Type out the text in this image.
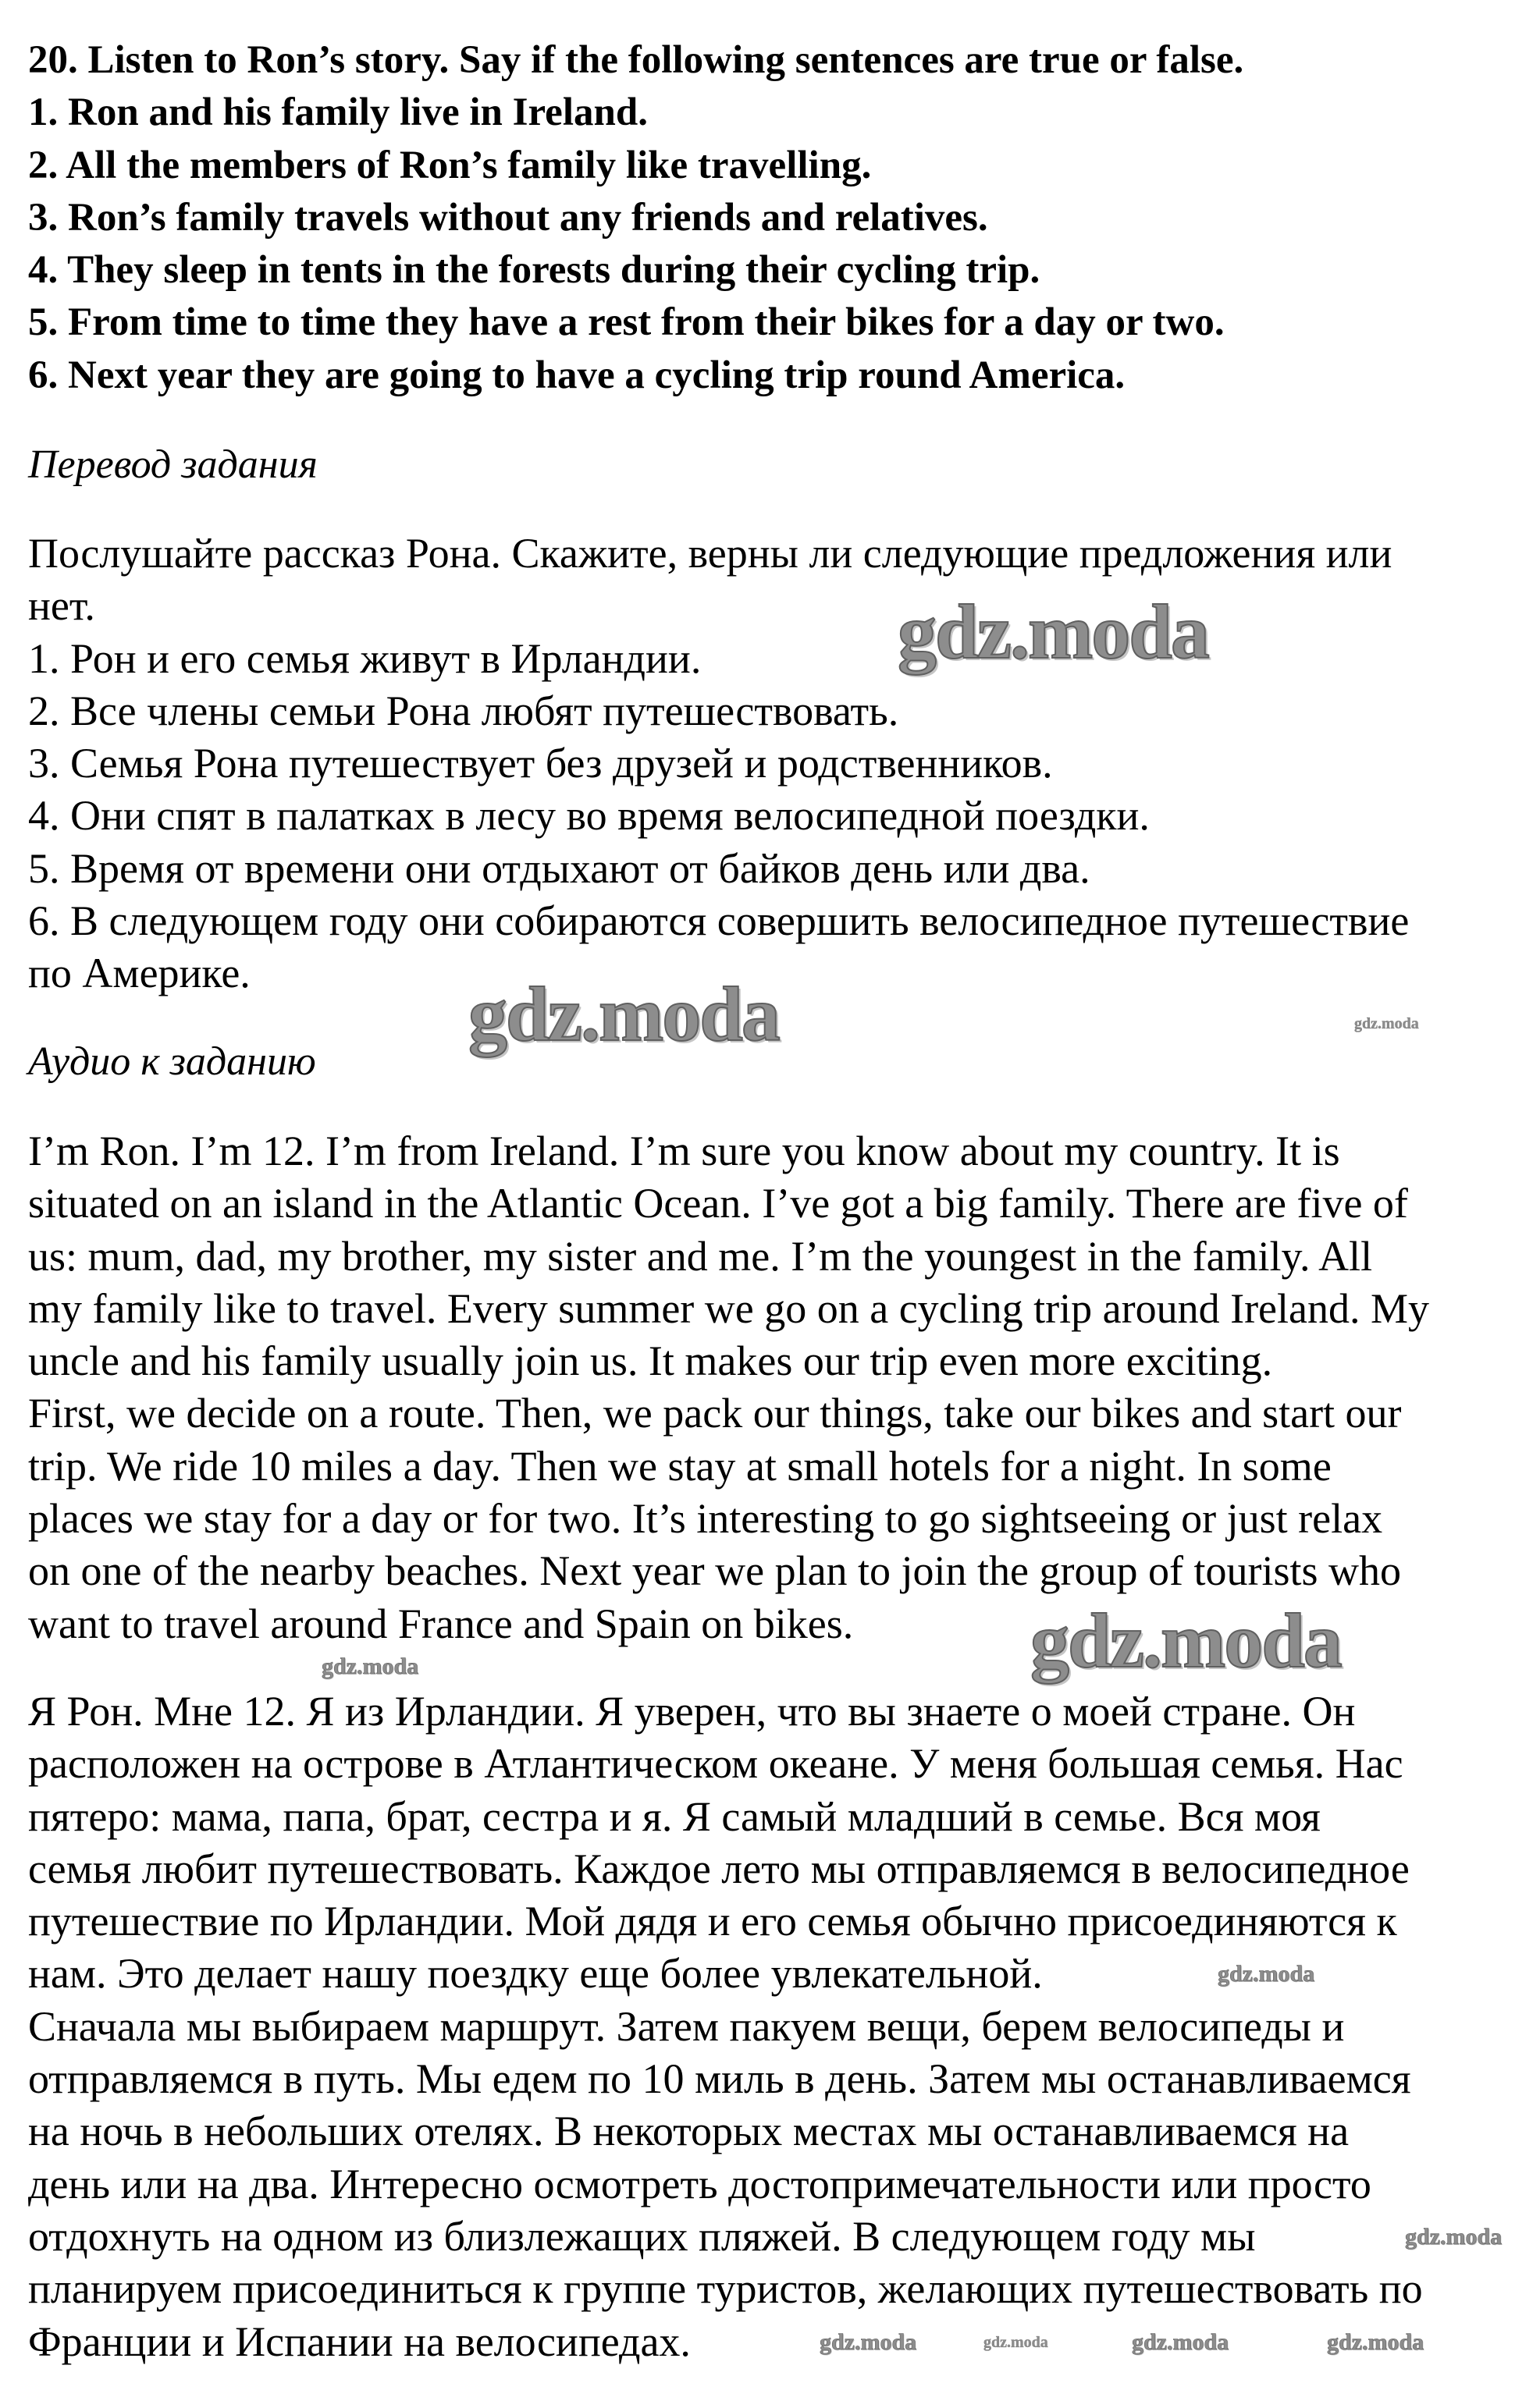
20. Listen to Ron’s story. Say if the following sentences are true or false.
1. Ron and his family live in Ireland.
2. All the members of Ron’s family like travelling.
3. Ron’s family travels without any friends and relatives.
4. They sleep in tents in the forests during their cycling trip.
5. From time to time they have a rest from their bikes for a day or two.
6. Next year they are going to have a cycling trip round America.
Перевод задания
Послушайте рассказ Рона. Скажите, верны ли следующие предложения или
нет.
1. Рон и его семья живут в Ирландии.
2. Все члены семьи Рона любят путешествовать.
3. Семья Рона путешествует без друзей и родственников.
4. Они спят в палатках в лесу во время велосипедной поездки.
5. Время от времени они отдыхают от байков день или два.
6. В следующем году они собираются совершить велосипедное путешествие
по Америке.
Аудио к заданию
I’m Ron. I’m 12. I’m from Ireland. I’m sure you know about my country. It is
situated on an island in the Atlantic Ocean. I’ve got a big family. There are five of
us: mum, dad, my brother, my sister and me. I’m the youngest in the family. All
my family like to travel. Every summer we go on a cycling trip around Ireland. My
uncle and his family usually join us. It makes our trip even more exciting.
First, we decide on a route. Then, we pack our things, take our bikes and start our
trip. We ride 10 miles a day. Then we stay at small hotels for a night. In some
places we stay for a day or for two. It’s interesting to go sightseeing or just relax
on one of the nearby beaches. Next year we plan to join the group of tourists who
want to travel around France and Spain on bikes.
Я Рон. Мне 12. Я из Ирландии. Я уверен, что вы знаете о моей стране. Он
расположен на острове в Атлантическом океане. У меня большая семья. Нас
пятеро: мама, папа, брат, сестра и я. Я самый младший в семье. Вся моя
семья любит путешествовать. Каждое лето мы отправляемся в велосипедное
путешествие по Ирландии. Мой дядя и его семья обычно присоединяются к
нам. Это делает нашу поездку еще более увлекательной.
Сначала мы выбираем маршрут. Затем пакуем вещи, берем велосипеды и
отправляемся в путь. Мы едем по 10 миль в день. Затем мы останавливаемся
на ночь в небольших отелях. В некоторых местах мы останавливаемся на
день или на два. Интересно осмотреть достопримечательности или просто
отдохнуть на одном из близлежащих пляжей. В следующем году мы
планируем присоединиться к группе туристов, желающих путешествовать по
Франции и Испании на велосипедах.
gdz.moda
gdz.moda
gdz.moda
gdz.moda
gdz.moda
gdz.moda
gdz.moda
gdz.moda	gdz.moda	gdz.moda	gdz.moda
